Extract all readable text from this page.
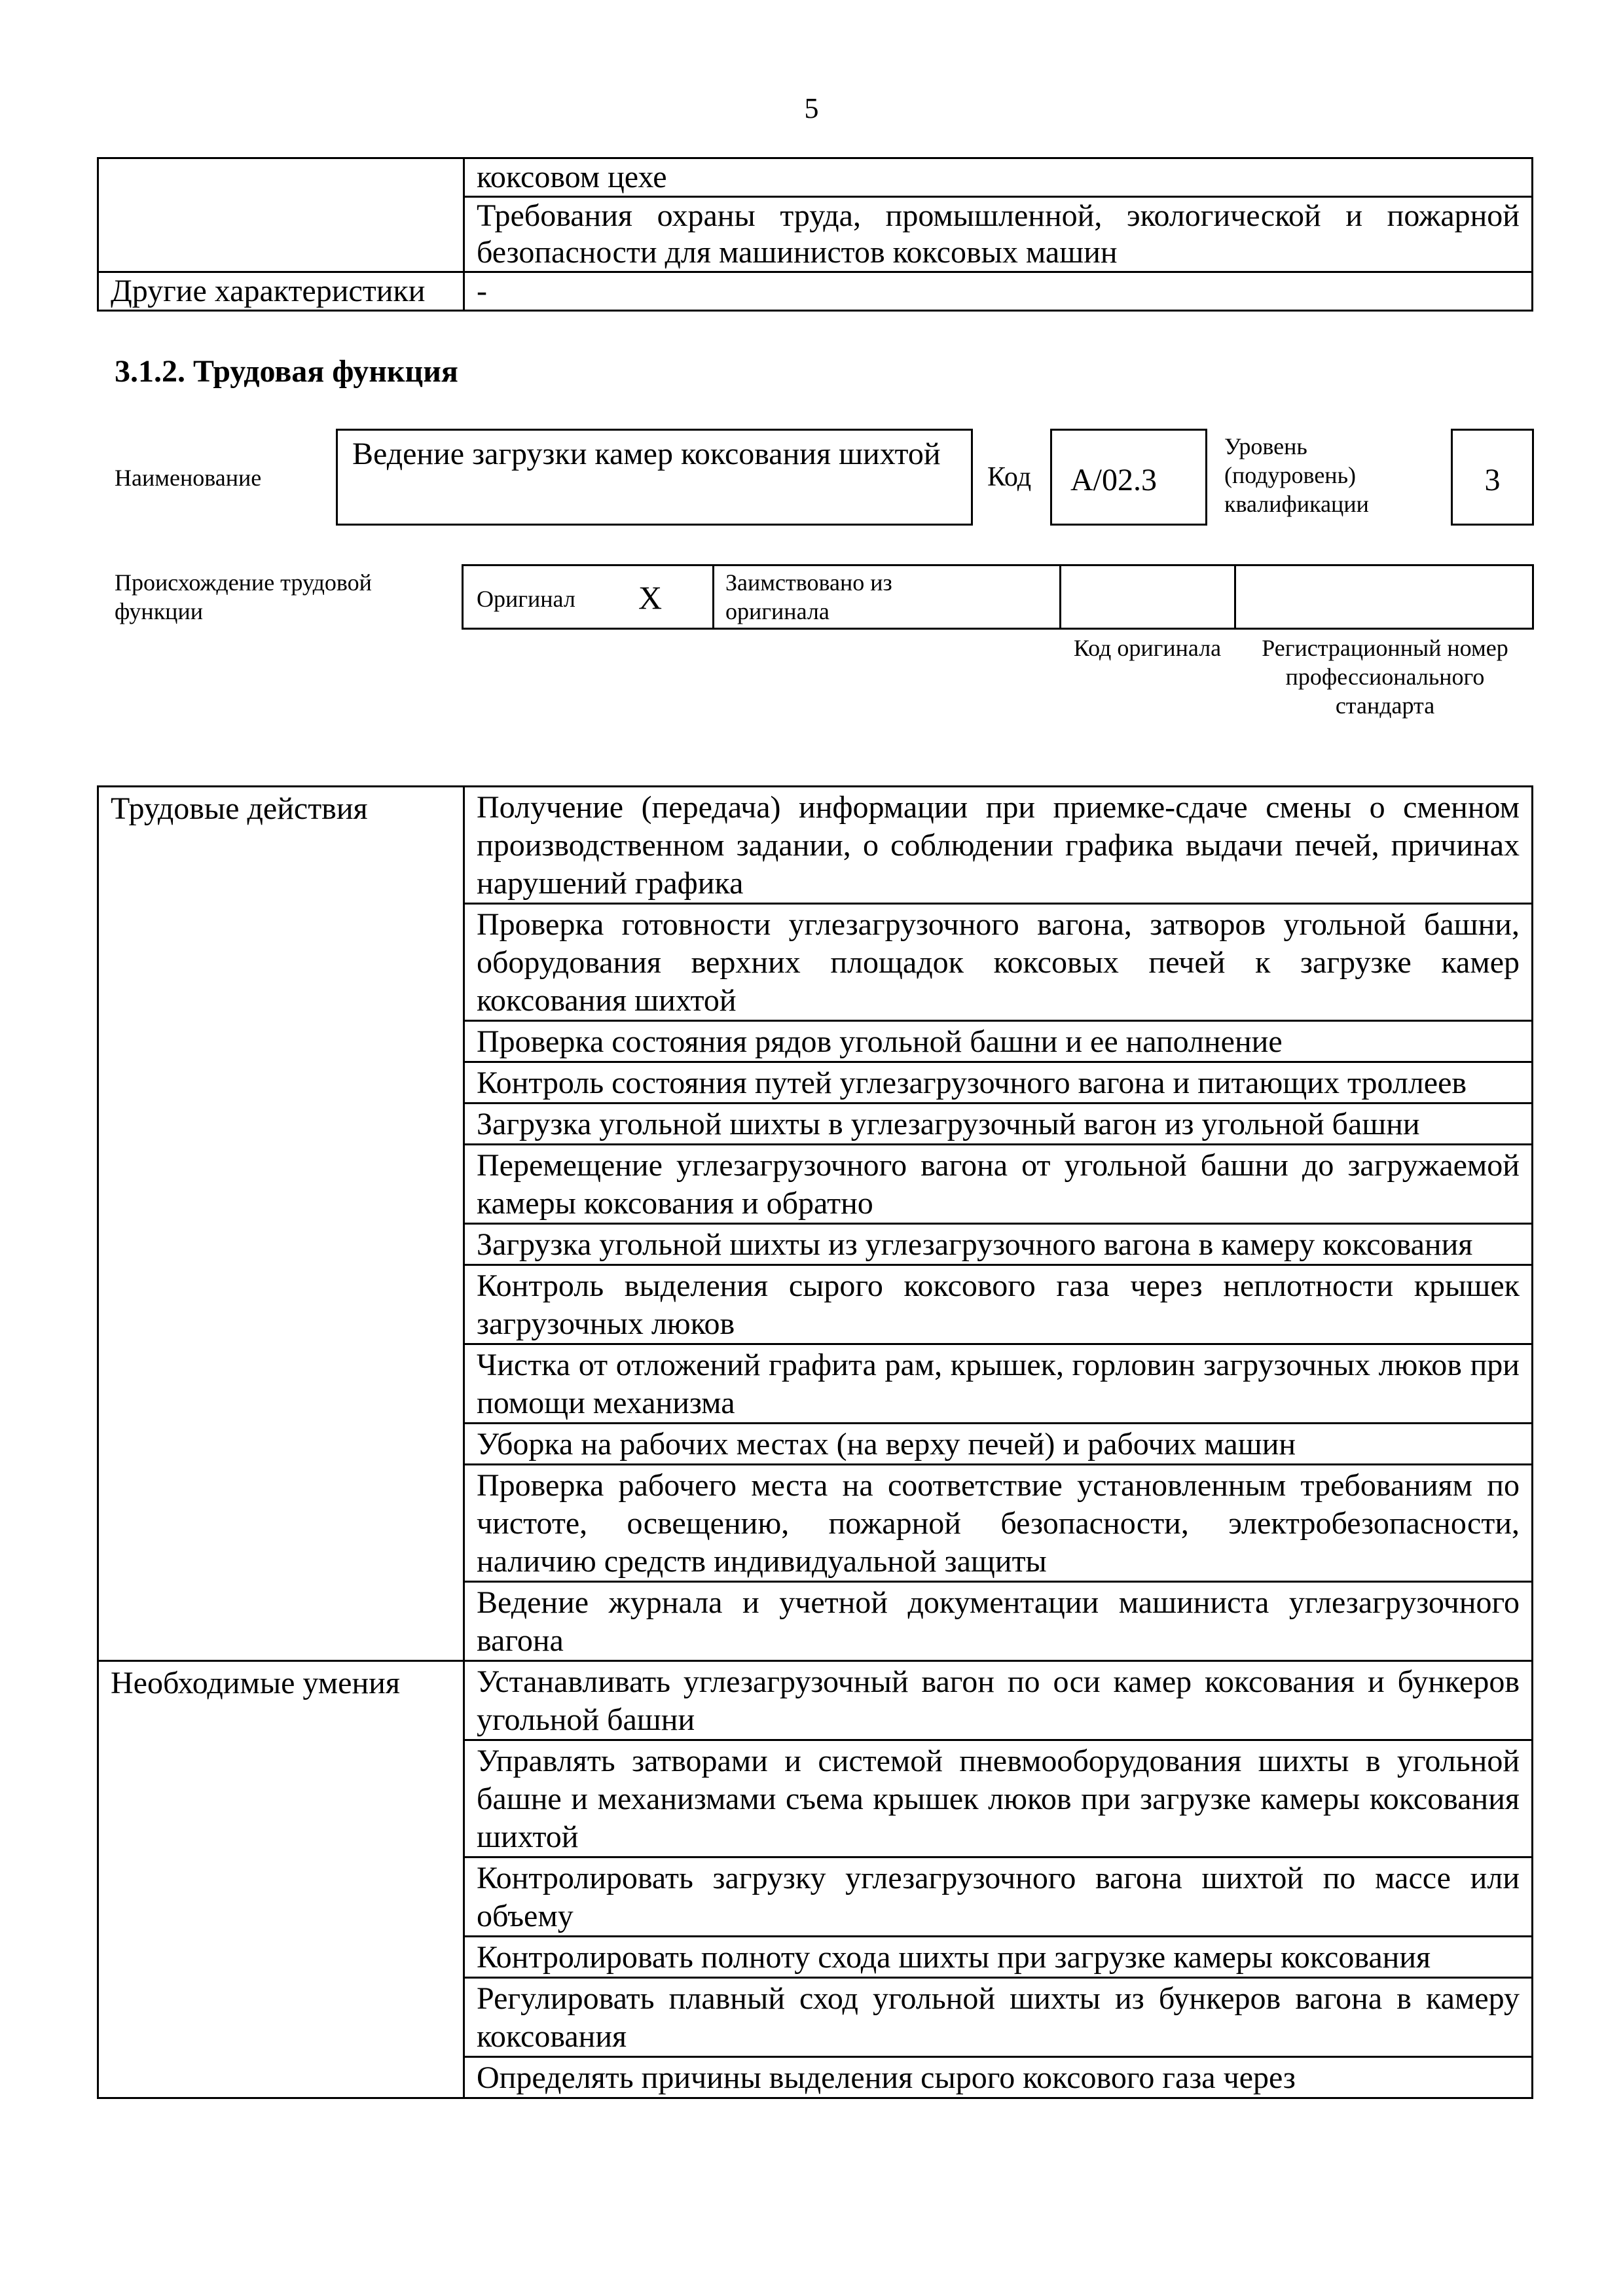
5
	коксовом цехе
	Требования охраны труда, промышленной, экологической и пожарной безопасности для машинистов коксовых машин
Другие характеристики	-
3.1.2. Трудовая функция
Наименование
Ведение загрузки камер коксования шихтой
Код	А/02.3
Уровень (подуровень) квалификации
3
Происхождение трудовой функции	Оригинал X	Заимствовано из оригинала
Код оригинала	Регистрационный номер профессионального стандарта
Трудовые действия	Получение (передача) информации при приемке-сдаче смены о сменном производственном задании, о соблюдении графика выдачи печей, причинах нарушений графика
	Проверка готовности углезагрузочного вагона, затворов угольной башни, оборудования верхних площадок коксовых печей к загрузке камер коксования шихтой
	Проверка состояния рядов угольной башни и ее наполнение
	Контроль состояния путей углезагрузочного вагона и питающих троллеев
	Загрузка угольной шихты в углезагрузочный вагон из угольной башни
	Перемещение углезагрузочного вагона от угольной башни до загружаемой камеры коксования и обратно
	Загрузка угольной шихты из углезагрузочного вагона в камеру коксования
	Контроль выделения сырого коксового газа через неплотности крышек загрузочных люков
	Чистка от отложений графита рам, крышек, горловин загрузочных люков при помощи механизма
	Уборка на рабочих местах (на верху печей) и рабочих машин
	Проверка рабочего места на соответствие установленным требованиям по чистоте, освещению, пожарной безопасности, электробезопасности, наличию средств индивидуальной защиты
	Ведение журнала и учетной документации машиниста углезагрузочного вагона
Необходимые умения	Устанавливать углезагрузочный вагон по оси камер коксования и бункеров угольной башни
	Управлять затворами и системой пневмооборудования шихты в угольной башне и механизмами съема крышек люков при загрузке камеры коксования шихтой
	Контролировать загрузку углезагрузочного вагона шихтой по массе или объему
	Контролировать полноту схода шихты при загрузке камеры коксования
	Регулировать плавный сход угольной шихты из бункеров вагона в камеру коксования
	Определять причины выделения сырого коксового газа через
